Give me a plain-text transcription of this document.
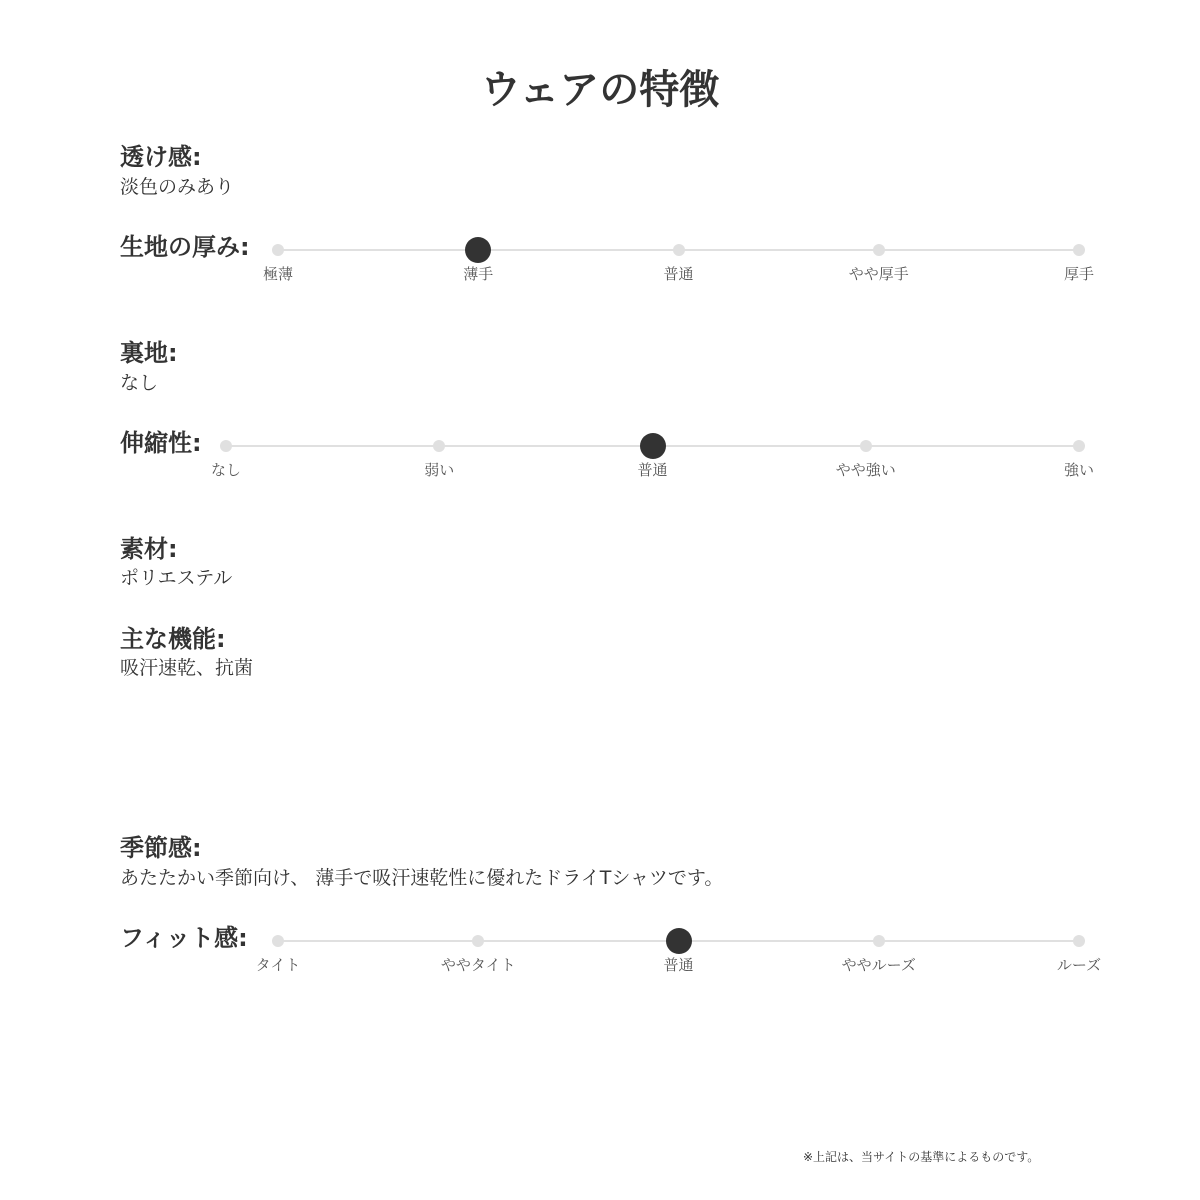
ウェアの特徴
透け感:
淡色のみあり
生地の厚み:
極薄	薄手	普通	やや厚手	厚手
裏地:
なし
伸縮性:
なし	弱い	普通	やや強い	強い
素材:
ポリエステル
主な機能:
吸汗速乾、抗菌
季節感:
あたたかい季節向け、 薄手で吸汗速乾性に優れたドライTシャツです。
フィット感:
タイト	ややタイト	普通	ややルーズ	ルーズ
※上記は、当サイトの基準によるものです。
